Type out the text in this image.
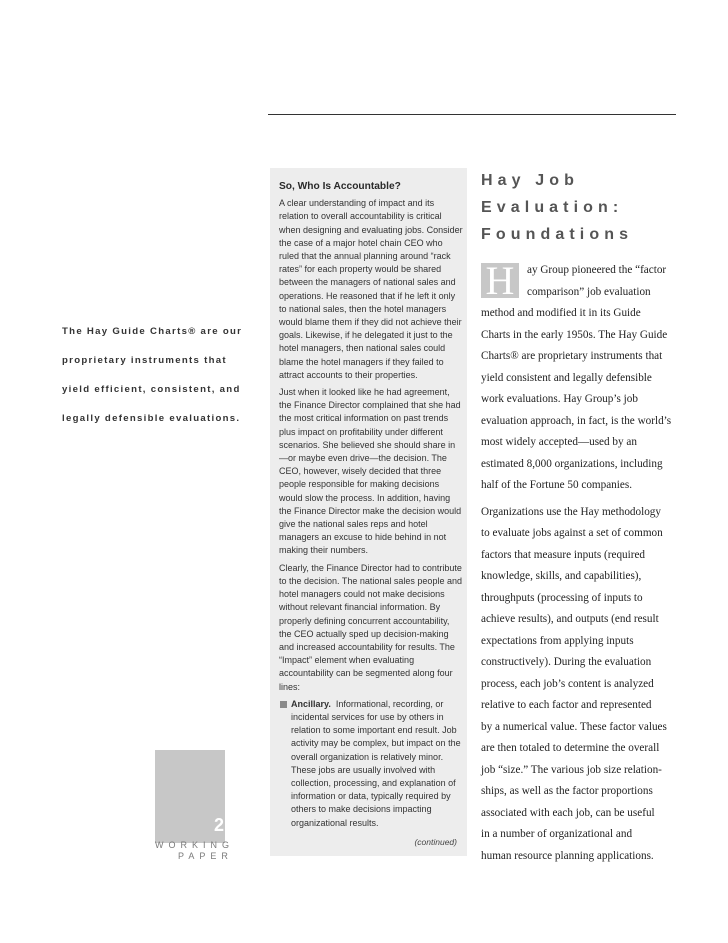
The Hay Guide Charts® are our
proprietary instruments that
yield efficient, consistent, and
legally defensible evaluations.
2
WORKING
PAPER
So, Who Is Accountable?

A clear understanding of impact and its relation to overall accountability is critical when designing and evaluating jobs. Consider the case of a major hotel chain CEO who ruled that the annual planning around “rack rates” for each property would be shared between the managers of national sales and operations. He reasoned that if he left it only to national sales, then the hotel managers would blame them if they did not achieve their goals. Likewise, if he delegated it just to the hotel managers, then national sales could blame the hotel managers if they failed to attract accounts to their properties.

Just when it looked like he had agreement, the Finance Director complained that she had the most critical information on past trends plus impact on profitability under different scenarios. She believed she should share in—or maybe even drive—the decision. The CEO, however, wisely decided that three people responsible for making decisions would slow the process. In addition, having the Finance Director make the decision would give the national sales reps and hotel managers an excuse to hide behind in not making their numbers.

Clearly, the Finance Director had to contribute to the decision. The national sales people and hotel managers could not make decisions without relevant financial information. By properly defining concurrent accountability, the CEO actually sped up decision-making and increased accountability for results. The “Impact” element when evaluating accountability can be segmented along four lines:

Ancillary. Informational, recording, or incidental services for use by others in relation to some important end result. Job activity may be complex, but impact on the overall organization is relatively minor. These jobs are usually involved with collection, processing, and explanation of information or data, typically required by others to make decisions impacting organizational results.
(continued)
Hay Job
Evaluation:
Foundations
H	ay Group pioneered the “factor
comparison” job evaluation
method and modified it in its Guide
Charts in the early 1950s. The Hay Guide
Charts® are proprietary instruments that
yield consistent and legally defensible
work evaluations. Hay Group’s job
evaluation approach, in fact, is the world’s
most widely accepted—used by an
estimated 8,000 organizations, including
half of the Fortune 50 companies.
Organizations use the Hay methodology
to evaluate jobs against a set of common
factors that measure inputs (required
knowledge, skills, and capabilities),
throughputs (processing of inputs to
achieve results), and outputs (end result
expectations from applying inputs
constructively). During the evaluation
process, each job’s content is analyzed
relative to each factor and represented
by a numerical value. These factor values
are then totaled to determine the overall
job “size.” The various job size relation-
ships, as well as the factor proportions
associated with each job, can be useful
in a number of organizational and
human resource planning applications.
